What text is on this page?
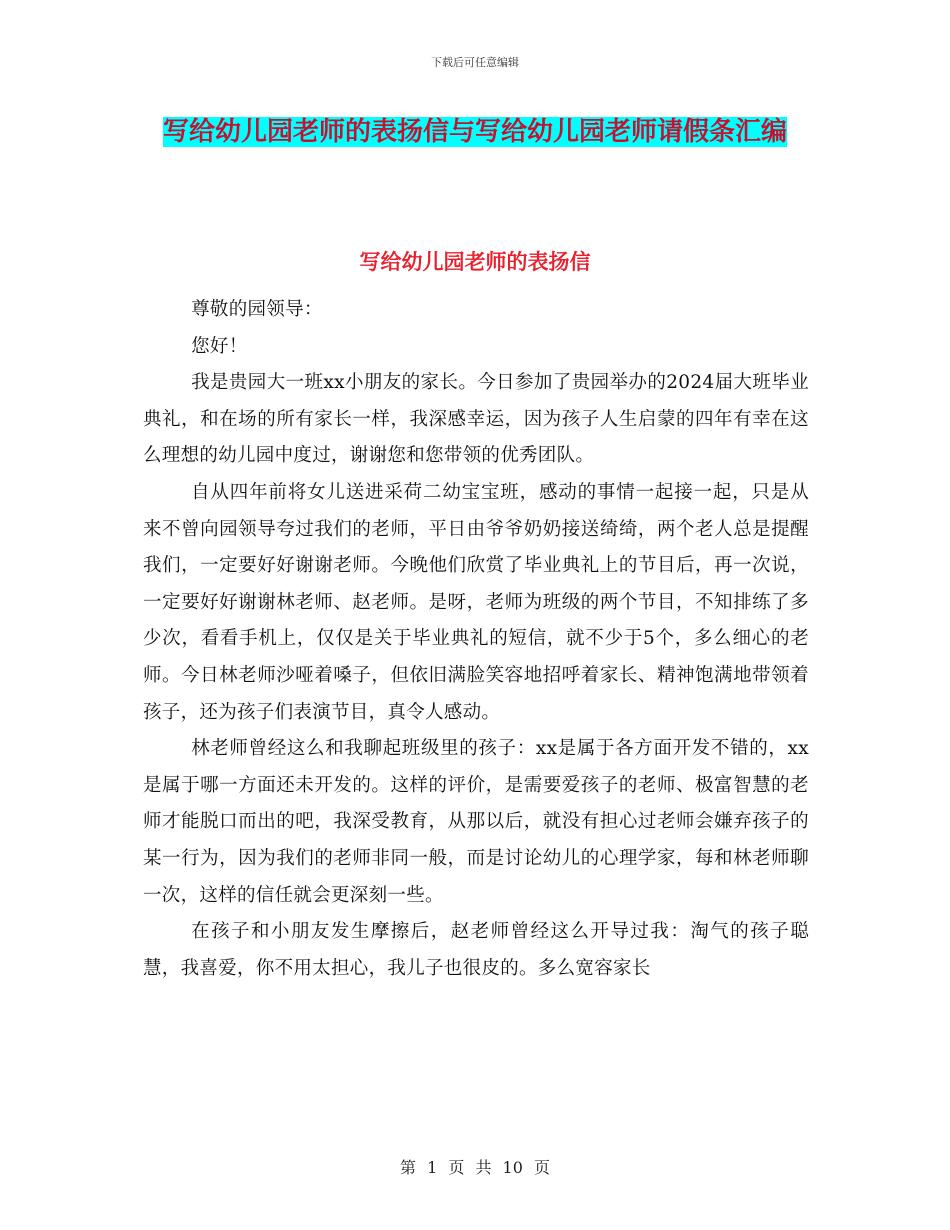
下载后可任意编辑
写给幼儿园老师的表扬信与写给幼儿园老师请假条汇编
写给幼儿园老师的表扬信

尊敬的园领导：

您好！

我是贵园大一班xx小朋友的家长。今日参加了贵园举办的2024届大班毕业典礼，和在场的所有家长一样，我深感幸运，因为孩子人生启蒙的四年有幸在这么理想的幼儿园中度过，谢谢您和您带领的优秀团队。

自从四年前将女儿送进采荷二幼宝宝班，感动的事情一起接一起，只是从来不曾向园领导夸过我们的老师，平日由爷爷奶奶接送绮绮，两个老人总是提醒我们，一定要好好谢谢老师。今晚他们欣赏了毕业典礼上的节目后，再一次说，一定要好好谢谢林老师、赵老师。是呀，老师为班级的两个节目，不知排练了多少次，看看手机上，仅仅是关于毕业典礼的短信，就不少于5个，多么细心的老师。今日林老师沙哑着嗓子，但依旧满脸笑容地招呼着家长、精神饱满地带领着孩子，还为孩子们表演节目，真令人感动。

林老师曾经这么和我聊起班级里的孩子：xx是属于各方面开发不错的，xx是属于哪一方面还未开发的。这样的评价，是需要爱孩子的老师、极富智慧的老师才能脱口而出的吧，我深受教育，从那以后，就没有担心过老师会嫌弃孩子的某一行为，因为我们的老师非同一般，而是讨论幼儿的心理学家，每和林老师聊一次，这样的信任就会更深刻一些。

在孩子和小朋友发生摩擦后，赵老师曾经这么开导过我：淘气的孩子聪慧，我喜爱，你不用太担心，我儿子也很皮的。多么宽容家长

第 1 页 共 10 页
